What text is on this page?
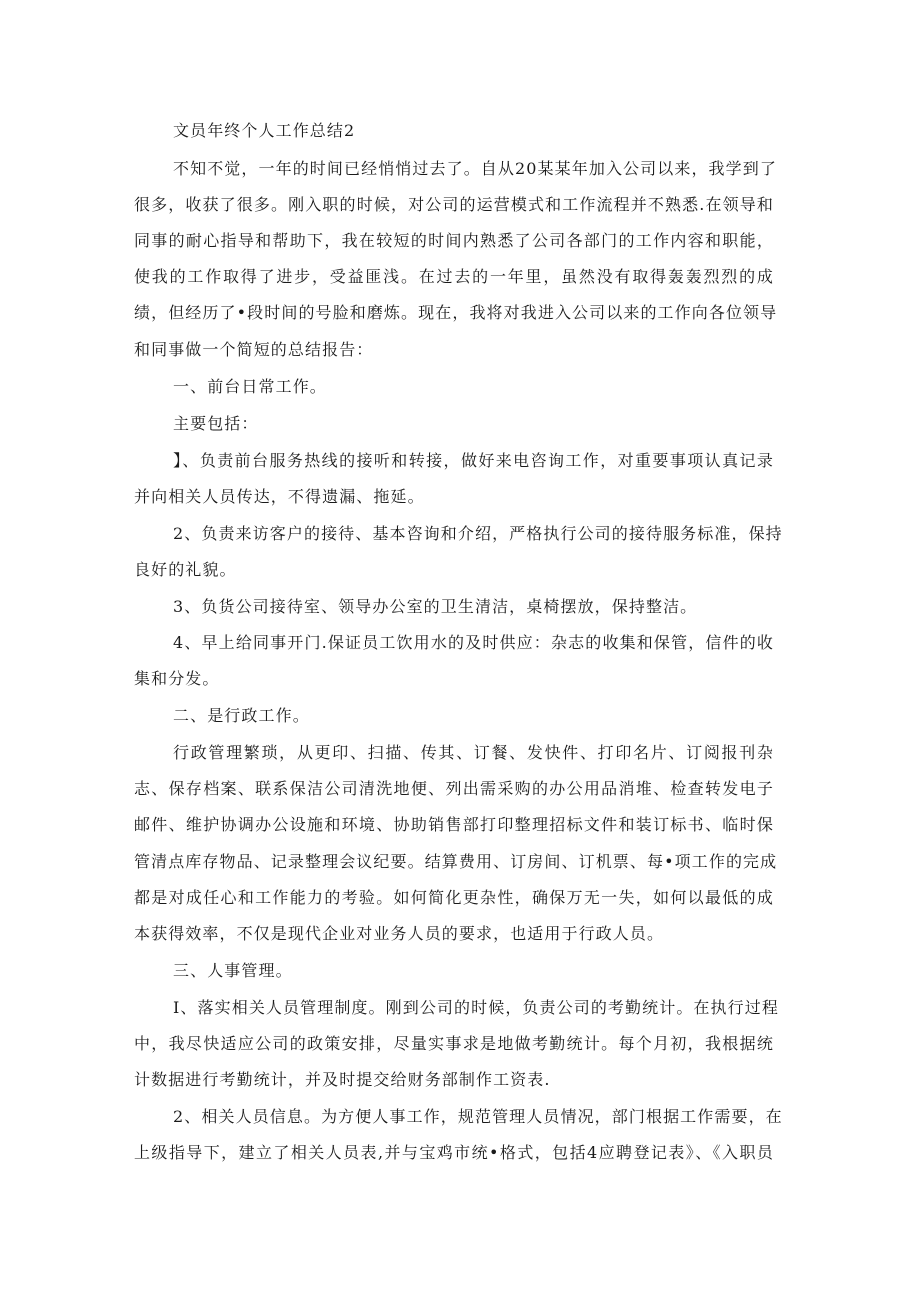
文员年终个人工作总结2
不知不觉，一年的时间已经悄悄过去了。自从20某某年加入公司以来，我学到了
很多，收获了很多。刚入职的时候，对公司的运营模式和工作流程并不熟悉.在领导和
同事的耐心指导和帮助下，我在较短的时间内熟悉了公司各部门的工作内容和职能，
使我的工作取得了进步，受益匪浅。在过去的一年里，虽然没有取得轰轰烈烈的成
绩，但经历了•段时间的号脸和磨炼。现在，我将对我进入公司以来的工作向各位领导
和同事做一个简短的总结报告：
一、前台日常工作。
主要包括：
】、负责前台服务热线的接听和转接，做好来电咨询工作，对重要事项认真记录
并向相关人员传达，不得遗漏、拖延。
2、负责来访客户的接待、基本咨询和介绍，严格执行公司的接待服务标准，保持
良好的礼貌。
3、负货公司接待室、领导办公室的卫生清洁，桌椅摆放，保持整洁。
4、早上给同事开门.保证员工饮用水的及时供应：杂志的收集和保管，信件的收
集和分发。
二、是行政工作。
行政管理繁琐，从更印、扫描、传其、订餐、发快件、打印名片、订阅报刊杂
志、保存档案、联系保洁公司清洗地便、列出需采购的办公用品消堆、检查转发电子
邮件、维护协调办公设施和环境、协助销售部打印整理招标文件和装订标书、临时保
管清点库存物品、记录整理会议纪要。结算费用、订房间、订机票、每•项工作的完成
都是对成任心和工作能力的考验。如何简化更杂性，确保万无一失，如何以最低的成
本获得效率，不仅是现代企业对业务人员的要求，也适用于行政人员。
三、人事管理。
I、落实相关人员管理制度。刚到公司的时候，负责公司的考勤统计。在执行过程
中，我尽快适应公司的政策安排，尽量实事求是地做考勤统计。每个月初，我根据统
计数据进行考勤统计，并及时提交给财务部制作工资表.
2、相关人员信息。为方便人事工作，规范管理人员情况，部门根据工作需要，在
上级指导下，建立了相关人员表,并与宝鸡市统•格式，包括4应聘登记表》、《入职员
